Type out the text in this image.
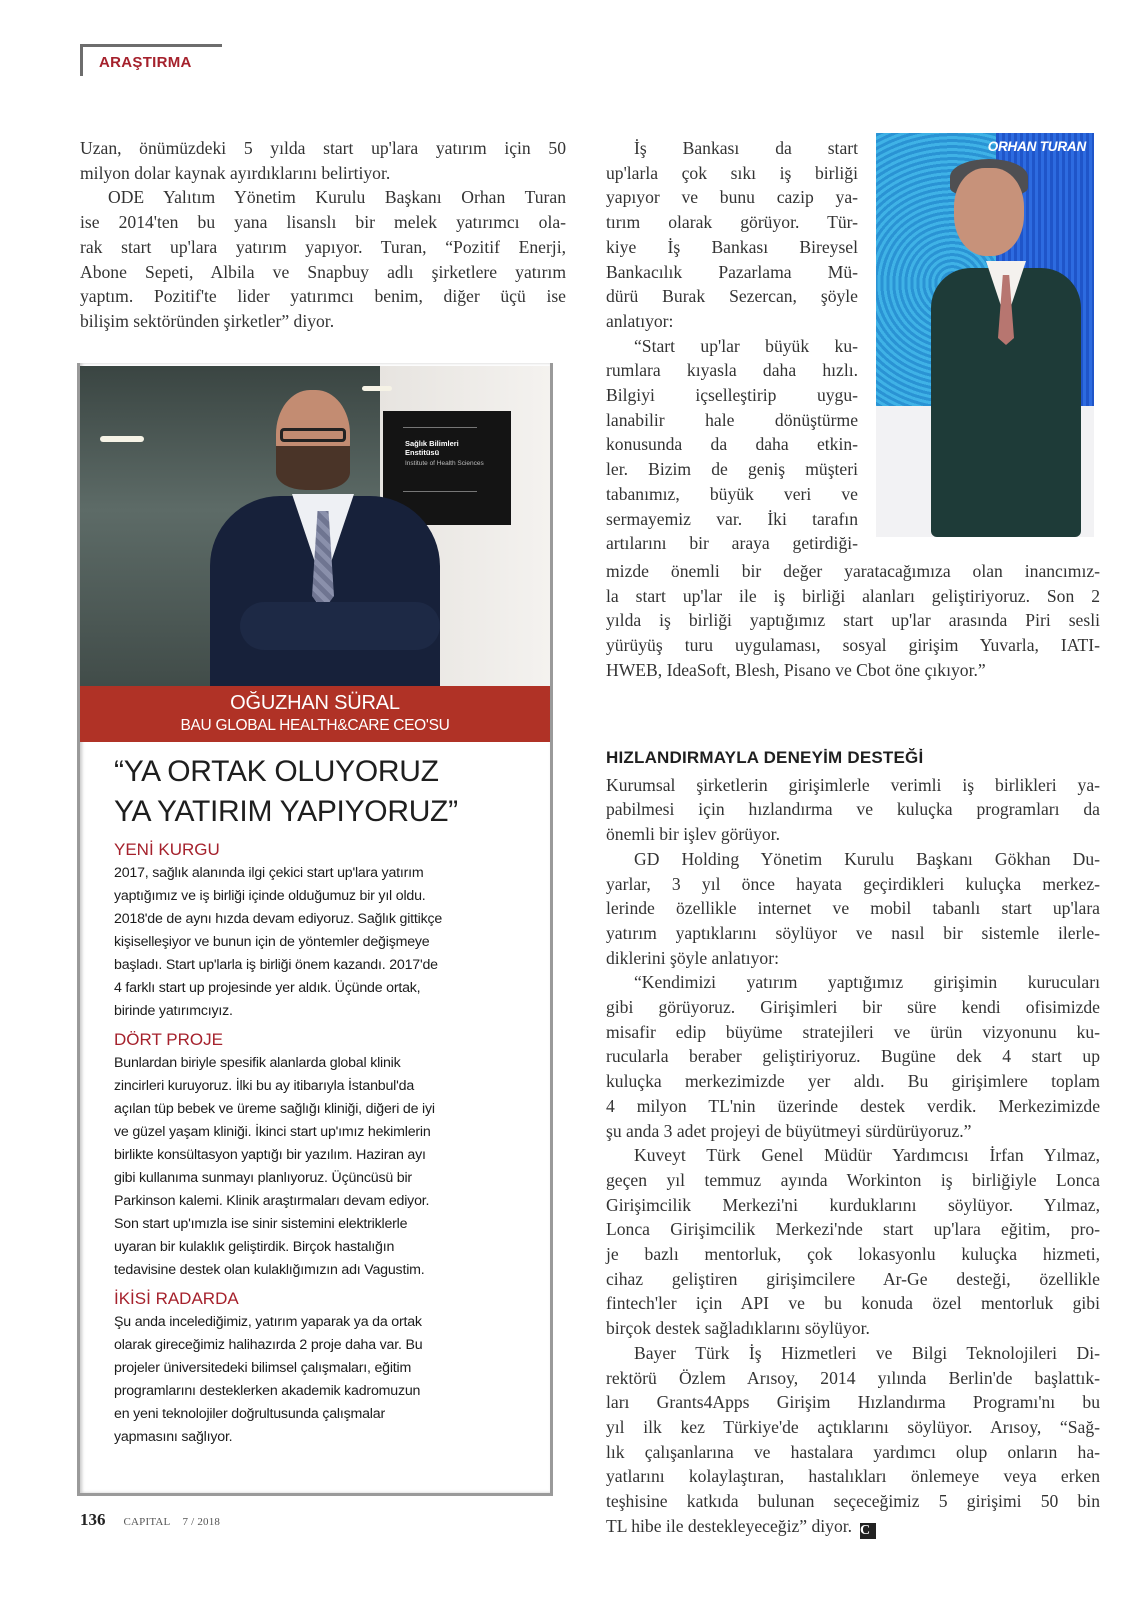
ARAŞTIRMA
Uzan, önümüzdeki 5 yılda start up'lara yatırım için 50
milyon dolar kaynak ayırdıklarını belirtiyor.
ODE Yalıtım Yönetim Kurulu Başkanı Orhan Turan
ise 2014'ten bu yana lisanslı bir melek yatırımcı ola-
rak start up'lara yatırım yapıyor. Turan, “Pozitif Enerji,
Abone Sepeti, Albila ve Snapbuy adlı şirketlere yatırım
yaptım. Pozitif'te lider yatırımcı benim, diğer üçü ise
bilişim sektöründen şirketler” diyor.
İş Bankası da start
up'larla çok sıkı iş birliği
yapıyor ve bunu cazip ya-
tırım olarak görüyor. Tür-
kiye İş Bankası Bireysel
Bankacılık Pazarlama Mü-
dürü Burak Sezercan, şöyle
anlatıyor:
“Start up'lar büyük ku-
rumlara kıyasla daha hızlı.
Bilgiyi içselleştirip uygu-
lanabilir hale dönüştürme
konusunda da daha etkin-
ler. Bizim de geniş müşteri
tabanımız, büyük veri ve
sermayemiz var. İki tarafın
artılarını bir araya getirdiği-
ORHAN TURAN
mizde önemli bir değer yaratacağımıza olan inancımız-
la start up'lar ile iş birliği alanları geliştiriyoruz. Son 2
yılda iş birliği yaptığımız start up'lar arasında Piri sesli
yürüyüş turu uygulaması, sosyal girişim Yuvarla, IATI-
HWEB, IdeaSoft, Blesh, Pisano ve Cbot öne çıkıyor.”
HIZLANDIRMAYLA DENEYİM DESTEĞİ
Kurumsal şirketlerin girişimlerle verimli iş birlikleri ya-
pabilmesi için hızlandırma ve kuluçka programları da
önemli bir işlev görüyor.
GD Holding Yönetim Kurulu Başkanı Gökhan Du-
yarlar, 3 yıl önce hayata geçirdikleri kuluçka merkez-
lerinde özellikle internet ve mobil tabanlı start up'lara
yatırım yaptıklarını söylüyor ve nasıl bir sistemle ilerle-
diklerini şöyle anlatıyor:
“Kendimizi yatırım yaptığımız girişimin kurucuları
gibi görüyoruz. Girişimleri bir süre kendi ofisimizde
misafir edip büyüme stratejileri ve ürün vizyonunu ku-
rucularla beraber geliştiriyoruz. Bugüne dek 4 start up
kuluçka merkezimizde yer aldı. Bu girişimlere toplam
4 milyon TL'nin üzerinde destek verdik. Merkezimizde
şu anda 3 adet projeyi de büyütmeyi sürdürüyoruz.”
Kuveyt Türk Genel Müdür Yardımcısı İrfan Yılmaz,
geçen yıl temmuz ayında Workinton iş birliğiyle Lonca
Girişimcilik Merkezi'ni kurduklarını söylüyor. Yılmaz,
Lonca Girişimcilik Merkezi'nde start up'lara eğitim, pro-
je bazlı mentorluk, çok lokasyonlu kuluçka hizmeti,
cihaz geliştiren girişimcilere Ar-Ge desteği, özellikle
fintech'ler için API ve bu konuda özel mentorluk gibi
birçok destek sağladıklarını söylüyor.
Bayer Türk İş Hizmetleri ve Bilgi Teknolojileri Di-
rektörü Özlem Arısoy, 2014 yılında Berlin'de başlattık-
ları Grants4Apps Girişim Hızlandırma Programı'nı bu
yıl ilk kez Türkiye'de açtıklarını söylüyor. Arısoy, “Sağ-
lık çalışanlarına ve hastalara yardımcı olup onların ha-
yatlarını kolaylaştıran, hastalıkları önlemeye veya erken
teşhisine katkıda bulunan seçeceğimiz 5 girişimi 50 bin
TL hibe ile destekleyeceğiz” diyor. C
Sağlık Bilimleri Enstitüsü
Institute of Health Sciences
OĞUZHAN SÜRAL
BAU GLOBAL HEALTH&CARE CEO'SU
“YA ORTAK OLUYORUZ
YA YATIRIM YAPIYORUZ”
YENİ KURGU
2017, sağlık alanında ilgi çekici start up'lara yatırım
yaptığımız ve iş birliği içinde olduğumuz bir yıl oldu.
2018'de de aynı hızda devam ediyoruz. Sağlık gittikçe
kişiselleşiyor ve bunun için de yöntemler değişmeye
başladı. Start up'larla iş birliği önem kazandı. 2017'de
4 farklı start up projesinde yer aldık. Üçünde ortak,
birinde yatırımcıyız.
DÖRT PROJE
Bunlardan biriyle spesifik alanlarda global klinik
zincirleri kuruyoruz. İlki bu ay itibarıyla İstanbul'da
açılan tüp bebek ve üreme sağlığı kliniği, diğeri de iyi
ve güzel yaşam kliniği. İkinci start up'ımız hekimlerin
birlikte konsültasyon yaptığı bir yazılım. Haziran ayı
gibi kullanıma sunmayı planlıyoruz. Üçüncüsü bir
Parkinson kalemi. Klinik araştırmaları devam ediyor.
Son start up'ımızla ise sinir sistemini elektriklerle
uyaran bir kulaklık geliştirdik. Birçok hastalığın
tedavisine destek olan kulaklığımızın adı Vagustim.
İKİSİ RADARDA
Şu anda incelediğimiz, yatırım yaparak ya da ortak
olarak gireceğimiz halihazırda 2 proje daha var. Bu
projeler üniversitedeki bilimsel çalışmaları, eğitim
programlarını desteklerken akademik kadromuzun
en yeni teknolojiler doğrultusunda çalışmalar
yapmasını sağlıyor.
136 CAPITAL 7 / 2018
